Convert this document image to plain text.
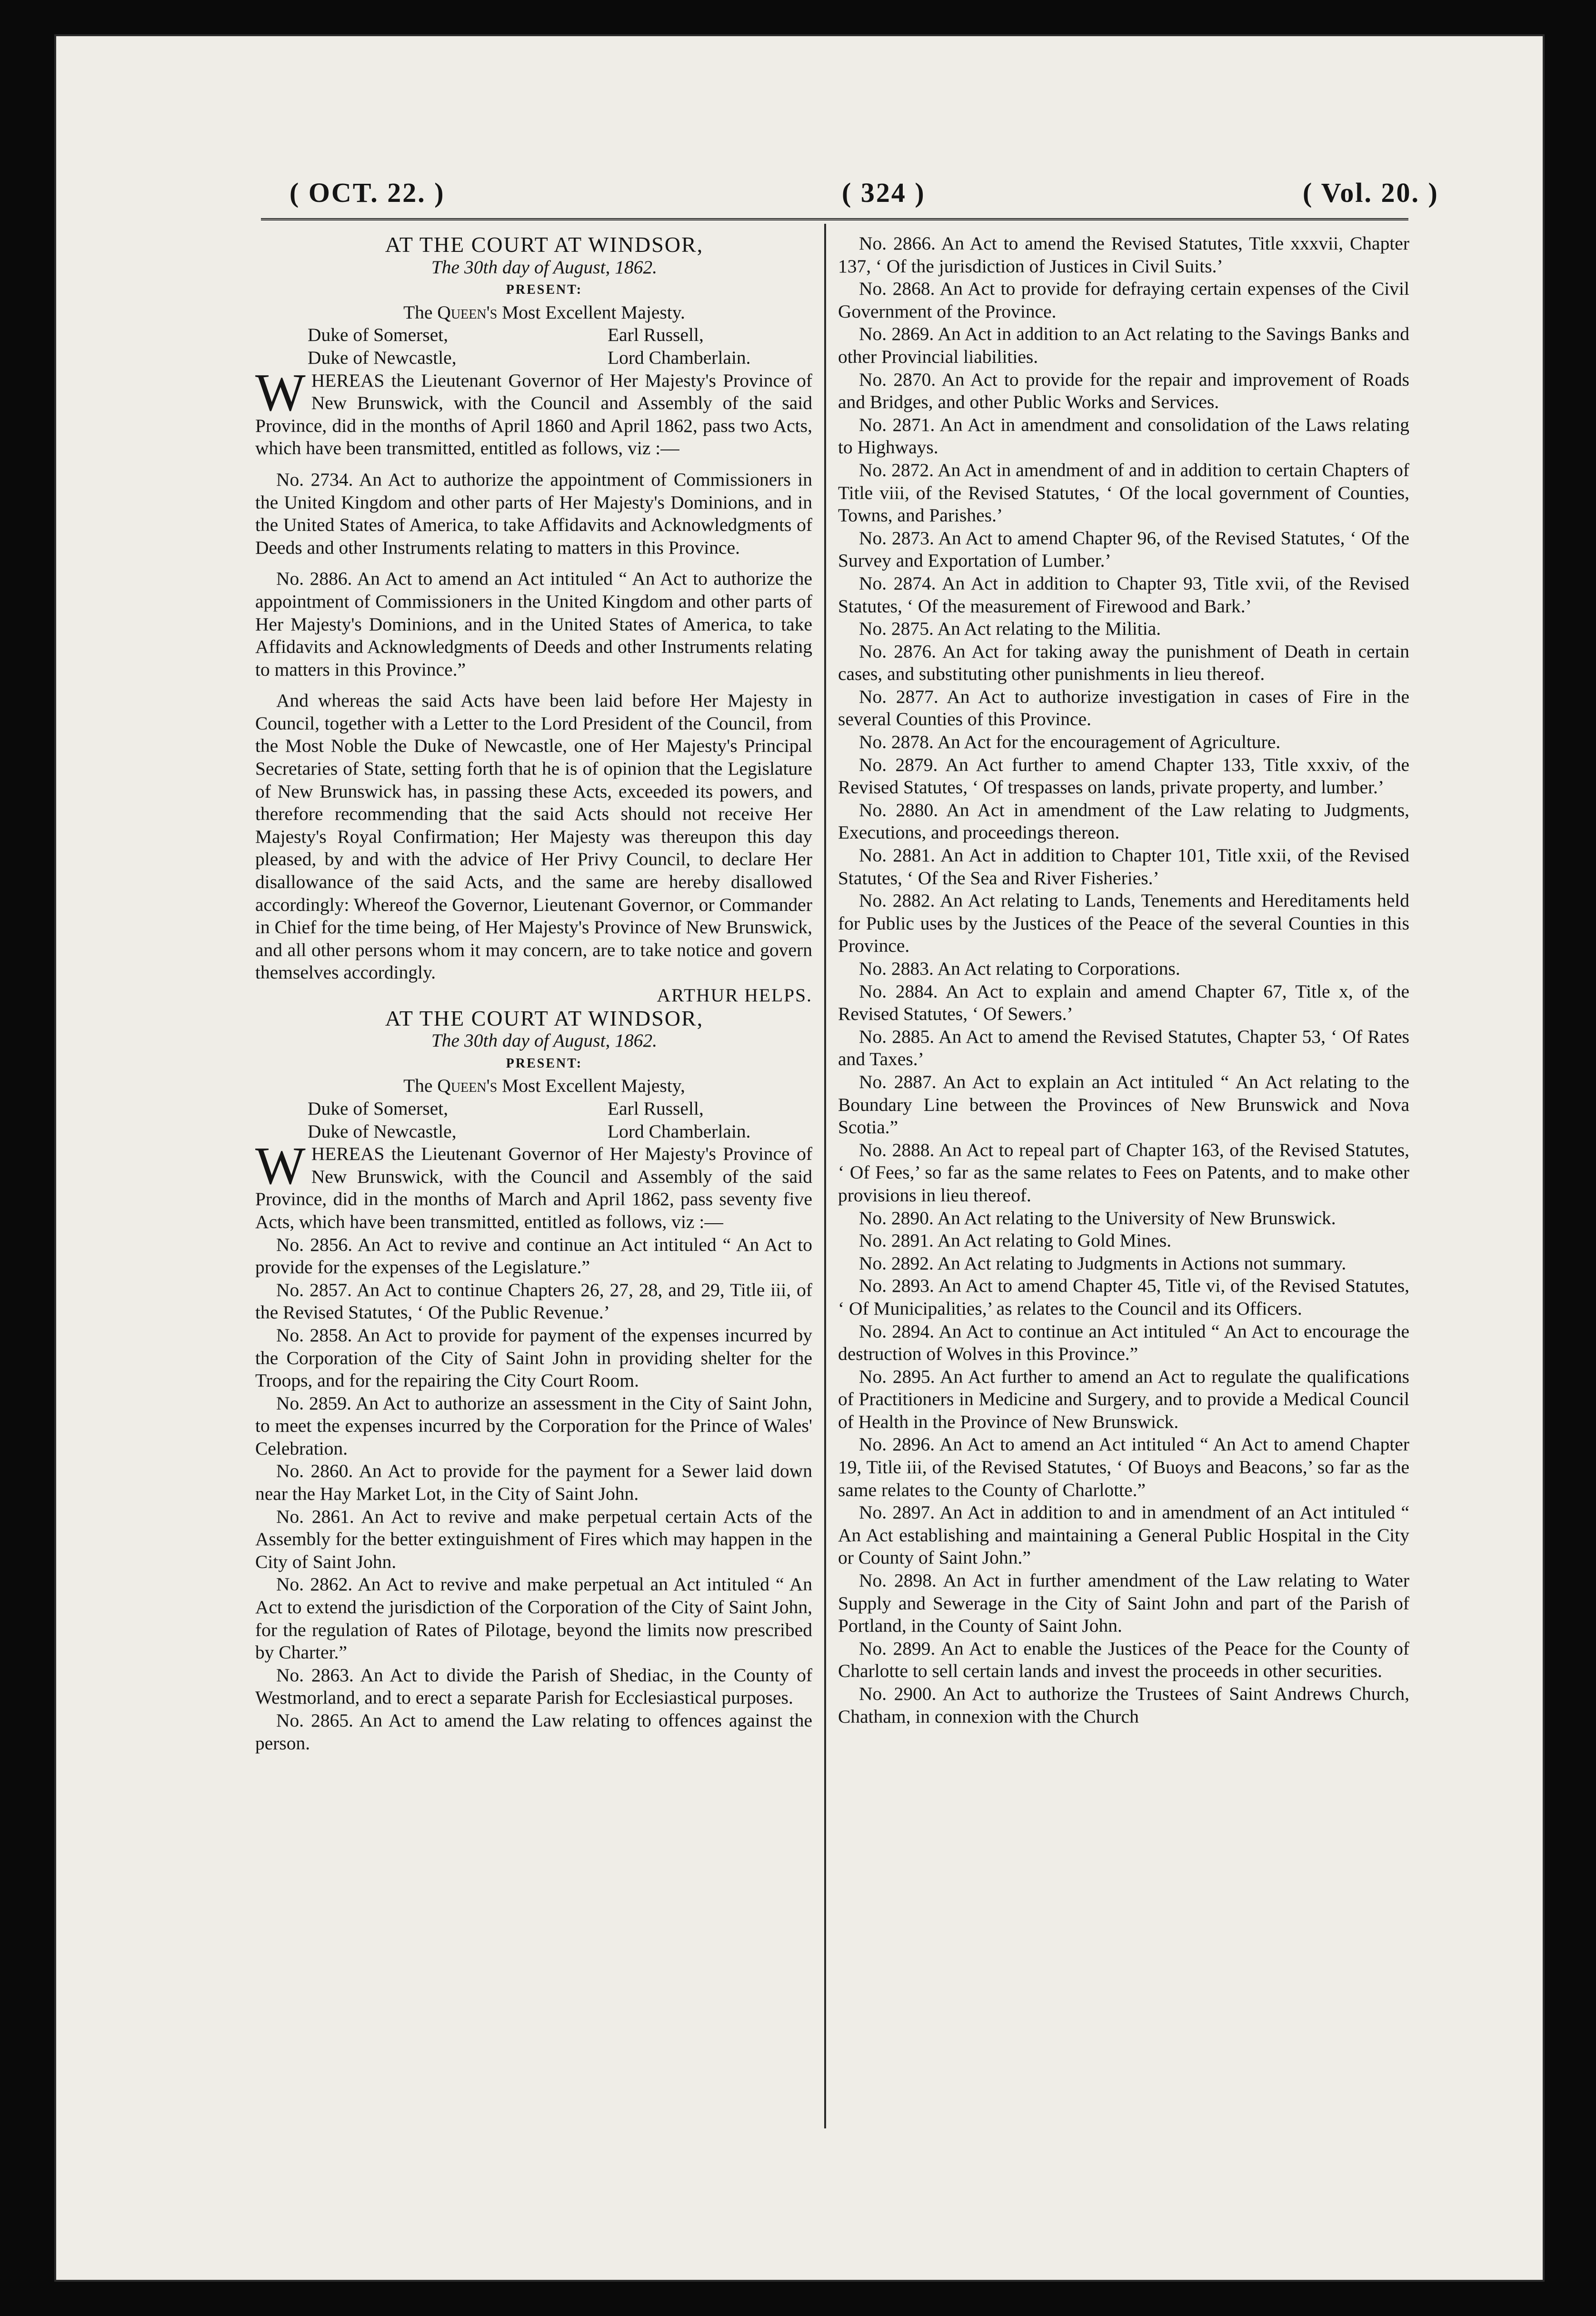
( OCT. 22. )	( 324 )	( Vol. 20. )

AT THE COURT AT WINDSOR,

The 30th day of August, 1862.

PRESENT:

The Queen's Most Excellent Majesty.

Duke of Somerset,	Earl Russell,
Duke of Newcastle,	Lord Chamberlain.

WHEREAS the Lieutenant Governor of Her Majesty's Province of New Brunswick, with the Council and Assembly of the said Province, did in the months of April 1860 and April 1862, pass two Acts, which have been transmitted, entitled as follows, viz :—

No. 2734. An Act to authorize the appointment of Commissioners in the United Kingdom and other parts of Her Majesty's Dominions, and in the United States of America, to take Affidavits and Acknowledgments of Deeds and other Instruments relating to matters in this Province.

No. 2886. An Act to amend an Act intituled “ An Act to authorize the appointment of Commissioners in the United Kingdom and other parts of Her Majesty's Dominions, and in the United States of America, to take Affidavits and Acknowledgments of Deeds and other Instruments relating to matters in this Province.”

And whereas the said Acts have been laid before Her Majesty in Council, together with a Letter to the Lord President of the Council, from the Most Noble the Duke of Newcastle, one of Her Majesty's Principal Secretaries of State, setting forth that he is of opinion that the Legislature of New Brunswick has, in passing these Acts, exceeded its powers, and therefore recommending that the said Acts should not receive Her Majesty's Royal Confirmation; Her Majesty was thereupon this day pleased, by and with the advice of Her Privy Council, to declare Her disallowance of the said Acts, and the same are hereby disallowed accordingly: Whereof the Governor, Lieutenant Governor, or Commander in Chief for the time being, of Her Majesty's Province of New Brunswick, and all other persons whom it may concern, are to take notice and govern themselves accordingly.

ARTHUR HELPS.

AT THE COURT AT WINDSOR,

The 30th day of August, 1862.

PRESENT:

The Queen's Most Excellent Majesty,

Duke of Somerset,	Earl Russell,
Duke of Newcastle,	Lord Chamberlain.

WHEREAS the Lieutenant Governor of Her Majesty's Province of New Brunswick, with the Council and Assembly of the said Province, did in the months of March and April 1862, pass seventy five Acts, which have been transmitted, entitled as follows, viz :—

No. 2856. An Act to revive and continue an Act intituled “ An Act to provide for the expenses of the Legislature.”

No. 2857. An Act to continue Chapters 26, 27, 28, and 29, Title iii, of the Revised Statutes, ‘ Of the Public Revenue.’

No. 2858. An Act to provide for payment of the expenses incurred by the Corporation of the City of Saint John in providing shelter for the Troops, and for the repairing the City Court Room.

No. 2859. An Act to authorize an assessment in the City of Saint John, to meet the expenses incurred by the Corporation for the Prince of Wales' Celebration.

No. 2860. An Act to provide for the payment for a Sewer laid down near the Hay Market Lot, in the City of Saint John.

No. 2861. An Act to revive and make perpetual certain Acts of the Assembly for the better extinguishment of Fires which may happen in the City of Saint John.

No. 2862. An Act to revive and make perpetual an Act intituled “ An Act to extend the jurisdiction of the Corporation of the City of Saint John, for the regulation of Rates of Pilotage, beyond the limits now prescribed by Charter.”

No. 2863. An Act to divide the Parish of Shediac, in the County of Westmorland, and to erect a separate Parish for Ecclesiastical purposes.

No. 2865. An Act to amend the Law relating to offences against the person.

No. 2866. An Act to amend the Revised Statutes, Title xxxvii, Chapter 137, ‘ Of the jurisdiction of Justices in Civil Suits.’

No. 2868. An Act to provide for defraying certain expenses of the Civil Government of the Province.

No. 2869. An Act in addition to an Act relating to the Savings Banks and other Provincial liabilities.

No. 2870. An Act to provide for the repair and improvement of Roads and Bridges, and other Public Works and Services.

No. 2871. An Act in amendment and consolidation of the Laws relating to Highways.

No. 2872. An Act in amendment of and in addition to certain Chapters of Title viii, of the Revised Statutes, ‘ Of the local government of Counties, Towns, and Parishes.’

No. 2873. An Act to amend Chapter 96, of the Revised Statutes, ‘ Of the Survey and Exportation of Lumber.’

No. 2874. An Act in addition to Chapter 93, Title xvii, of the Revised Statutes, ‘ Of the measurement of Firewood and Bark.’

No. 2875. An Act relating to the Militia.

No. 2876. An Act for taking away the punishment of Death in certain cases, and substituting other punishments in lieu thereof.

No. 2877. An Act to authorize investigation in cases of Fire in the several Counties of this Province.

No. 2878. An Act for the encouragement of Agriculture.

No. 2879. An Act further to amend Chapter 133, Title xxxiv, of the Revised Statutes, ‘ Of trespasses on lands, private property, and lumber.’

No. 2880. An Act in amendment of the Law relating to Judgments, Executions, and proceedings thereon.

No. 2881. An Act in addition to Chapter 101, Title xxii, of the Revised Statutes, ‘ Of the Sea and River Fisheries.’

No. 2882. An Act relating to Lands, Tenements and Hereditaments held for Public uses by the Justices of the Peace of the several Counties in this Province.

No. 2883. An Act relating to Corporations.

No. 2884. An Act to explain and amend Chapter 67, Title x, of the Revised Statutes, ‘ Of Sewers.’

No. 2885. An Act to amend the Revised Statutes, Chapter 53, ‘ Of Rates and Taxes.’

No. 2887. An Act to explain an Act intituled “ An Act relating to the Boundary Line between the Provinces of New Brunswick and Nova Scotia.”

No. 2888. An Act to repeal part of Chapter 163, of the Revised Statutes, ‘ Of Fees,’ so far as the same relates to Fees on Patents, and to make other provisions in lieu thereof.

No. 2890. An Act relating to the University of New Brunswick.

No. 2891. An Act relating to Gold Mines.

No. 2892. An Act relating to Judgments in Actions not summary.

No. 2893. An Act to amend Chapter 45, Title vi, of the Revised Statutes, ‘ Of Municipalities,’ as relates to the Council and its Officers.

No. 2894. An Act to continue an Act intituled “ An Act to encourage the destruction of Wolves in this Province.”

No. 2895. An Act further to amend an Act to regulate the qualifications of Practitioners in Medicine and Surgery, and to provide a Medical Council of Health in the Province of New Brunswick.

No. 2896. An Act to amend an Act intituled “ An Act to amend Chapter 19, Title iii, of the Revised Statutes, ‘ Of Buoys and Beacons,’ so far as the same relates to the County of Charlotte.”

No. 2897. An Act in addition to and in amendment of an Act intituled “ An Act establishing and maintaining a General Public Hospital in the City or County of Saint John.”

No. 2898. An Act in further amendment of the Law relating to Water Supply and Sewerage in the City of Saint John and part of the Parish of Portland, in the County of Saint John.

No. 2899. An Act to enable the Justices of the Peace for the County of Charlotte to sell certain lands and invest the proceeds in other securities.

No. 2900. An Act to authorize the Trustees of Saint Andrews Church, Chatham, in connexion with the Church
